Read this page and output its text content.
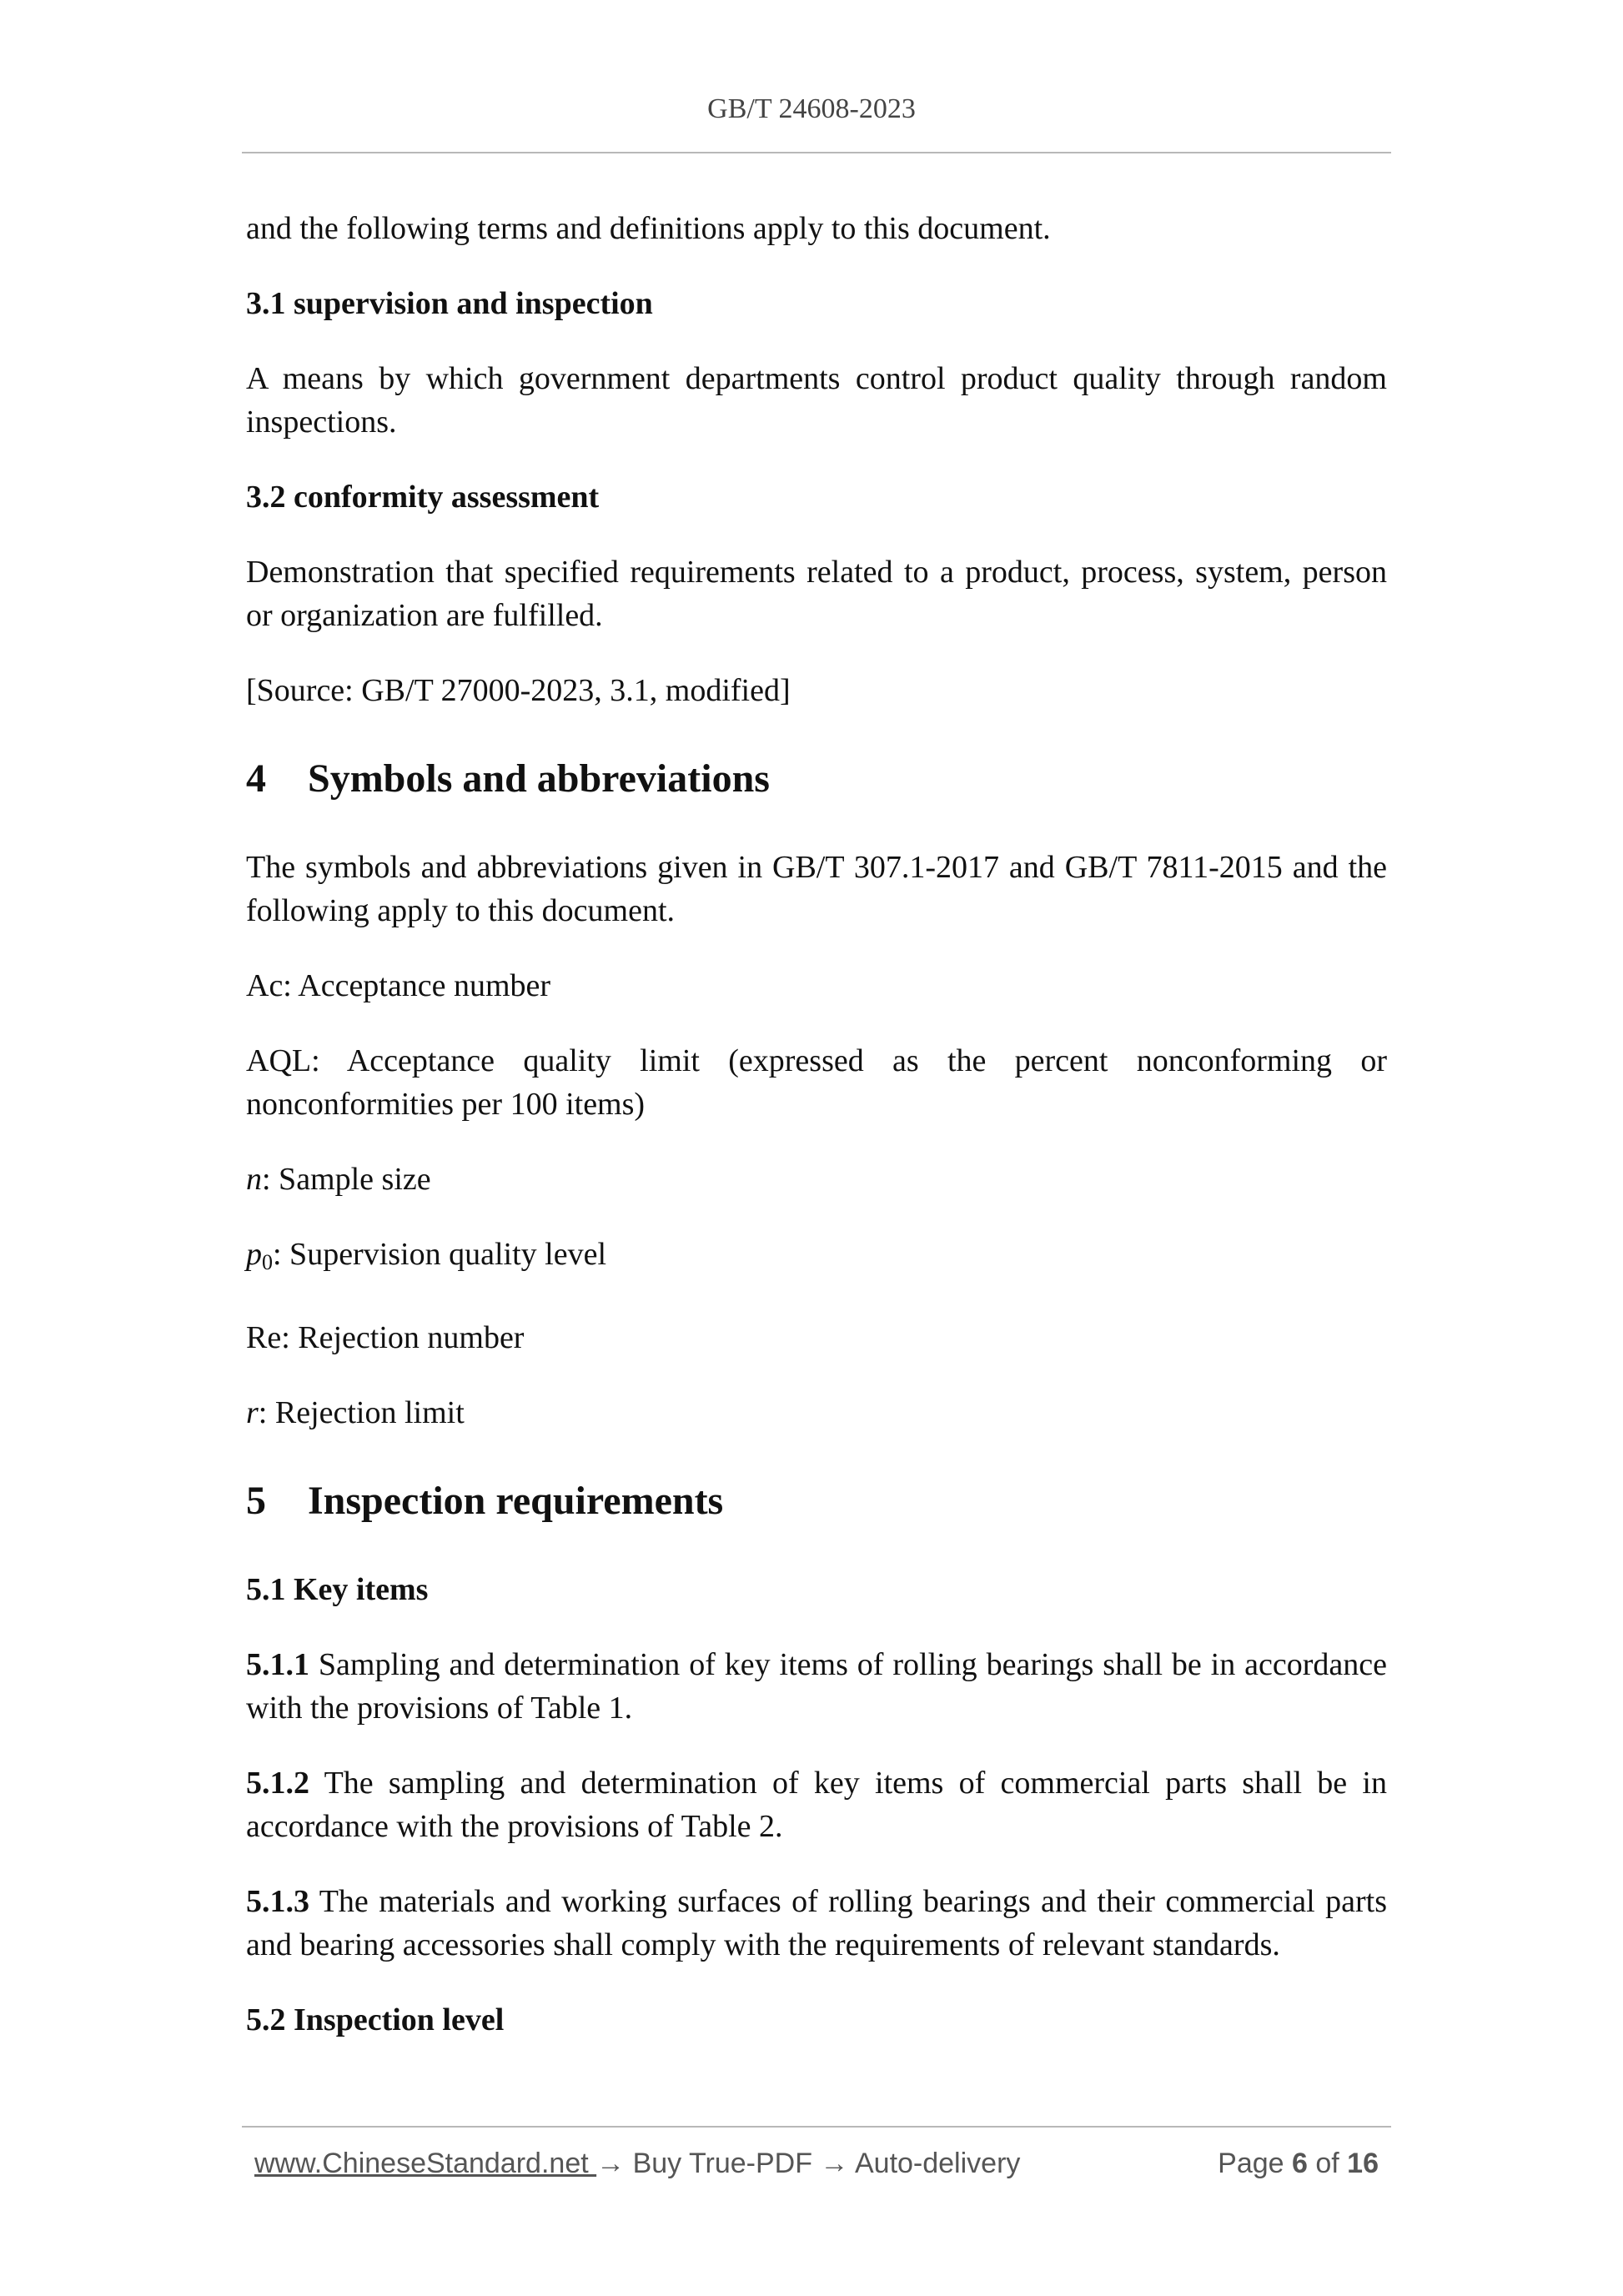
GB/T 24608-2023

and the following terms and definitions apply to this document.

3.1 supervision and inspection

A means by which government departments control product quality through random inspections.

3.2 conformity assessment

Demonstration that specified requirements related to a product, process, system, person or organization are fulfilled.

[Source: GB/T 27000-2023, 3.1, modified]

4 Symbols and abbreviations

The symbols and abbreviations given in GB/T 307.1-2017 and GB/T 7811-2015 and the following apply to this document.

Ac: Acceptance number

AQL: Acceptance quality limit (expressed as the percent nonconforming or nonconformities per 100 items)

n: Sample size

$p_0$: Supervision quality level

Re: Rejection number

r: Rejection limit

5 Inspection requirements

5.1 Key items

5.1.1 Sampling and determination of key items of rolling bearings shall be in accordance with the provisions of Table 1.

5.1.2 The sampling and determination of key items of commercial parts shall be in accordance with the provisions of Table 2.

5.1.3 The materials and working surfaces of rolling bearings and their commercial parts and bearing accessories shall comply with the requirements of relevant standards.

5.2 Inspection level

www.ChineseStandard.net → Buy True-PDF → Auto-delivery	Page 6 of 16
